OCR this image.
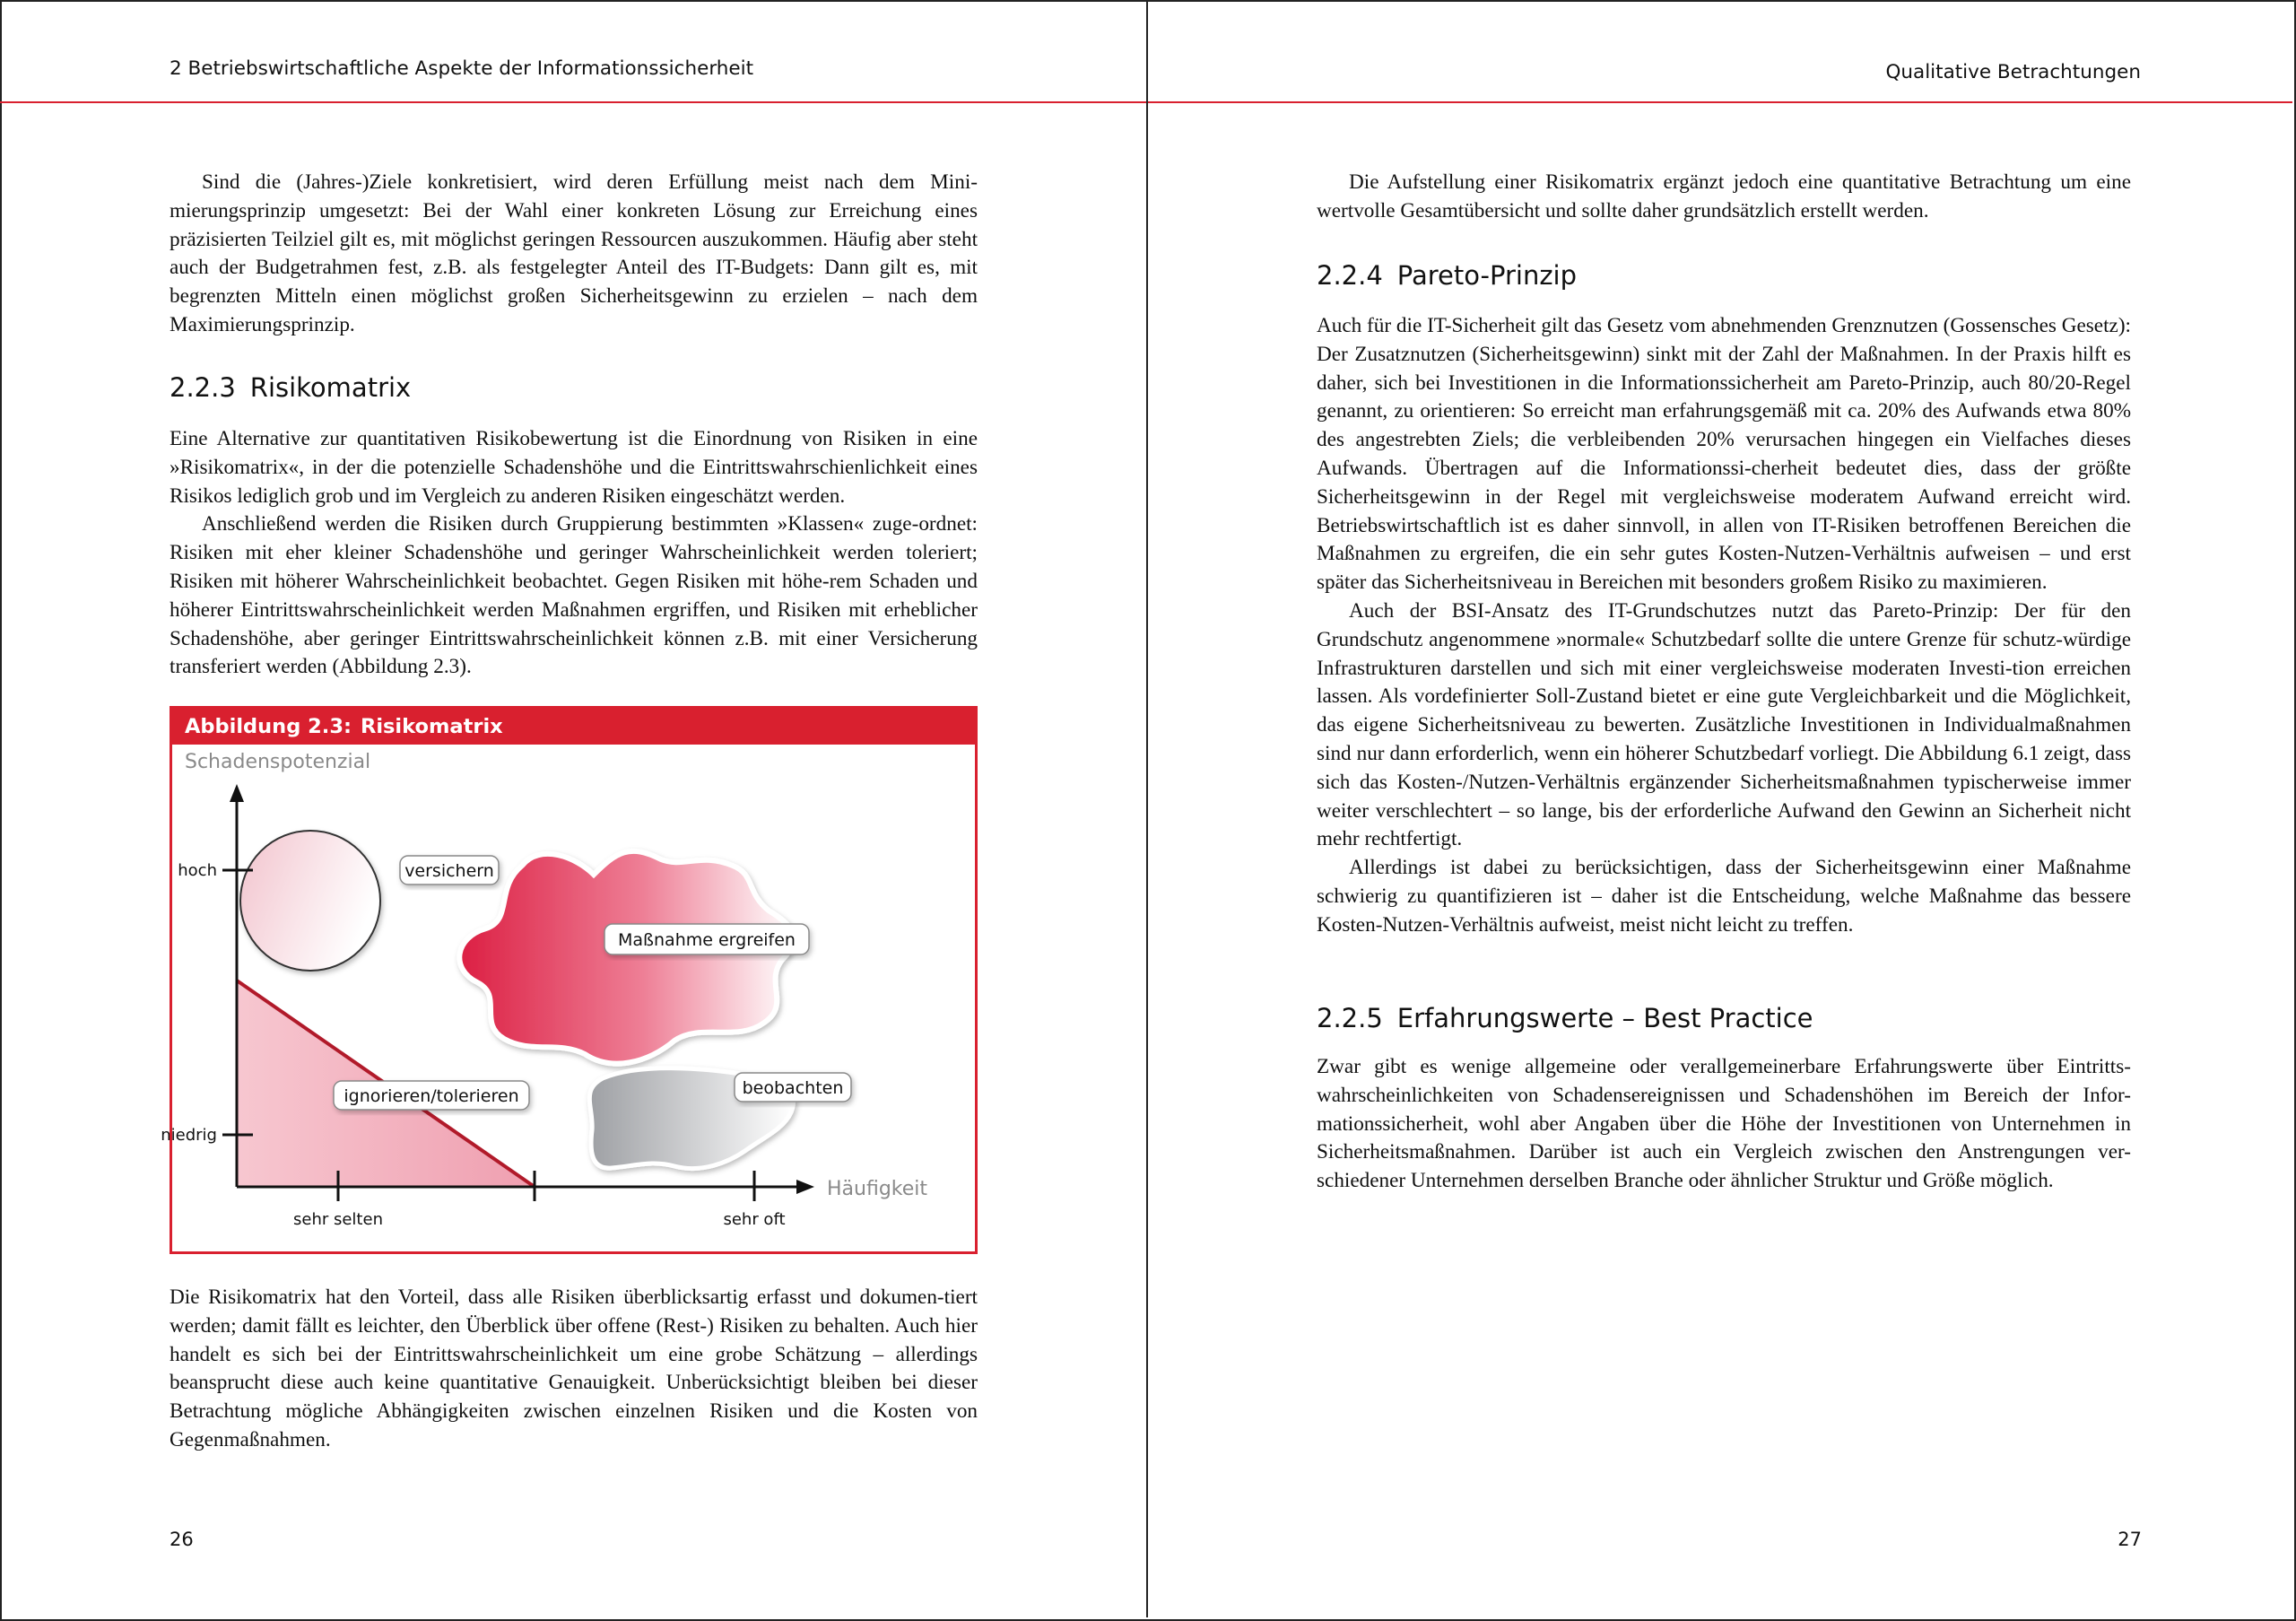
2 Betriebswirtschaftliche Aspekte der Informationssicherheit

Sind die (Jahres-)Ziele konkretisiert, wird deren Erfüllung meist nach dem Mini-mierungsprinzip umgesetzt: Bei der Wahl einer konkreten Lösung zur Erreichung eines präzisierten Teilziel gilt es, mit möglichst geringen Ressourcen auszukommen. Häufig aber steht auch der Budgetrahmen fest, z.B. als festgelegter Anteil des IT-Budgets: Dann gilt es, mit begrenzten Mitteln einen möglichst großen Sicherheitsgewinn zu erzielen – nach dem Maximierungsprinzip.

2.2.3 Risikomatrix

Eine Alternative zur quantitativen Risikobewertung ist die Einordnung von Risiken in eine »Risikomatrix«, in der die potenzielle Schadenshöhe und die Eintrittswahrschienlichkeit eines Risikos lediglich grob und im Vergleich zu anderen Risiken eingeschätzt werden.

Anschließend werden die Risiken durch Gruppierung bestimmten »Klassen« zuge-ordnet: Risiken mit eher kleiner Schadenshöhe und geringer Wahrscheinlichkeit werden toleriert; Risiken mit höherer Wahrscheinlichkeit beobachtet. Gegen Risiken mit höhe-rem Schaden und höherer Eintrittswahrscheinlichkeit werden Maßnahmen ergriffen, und Risiken mit erheblicher Schadenshöhe, aber geringer Eintrittswahrscheinlichkeit können z.B. mit einer Versicherung transferiert werden (Abbildung 2.3).

Abbildung 2.3: Risikomatrix
Schadenspotenzial
Häufigkeit
hoch
niedrig
sehr selten	sehr oft
versichern
Maßnahme ergreifen
ignorieren/tolerieren	beobachten

Die Risikomatrix hat den Vorteil, dass alle Risiken überblicksartig erfasst und dokumen-tiert werden; damit fällt es leichter, den Überblick über offene (Rest-) Risiken zu behalten. Auch hier handelt es sich bei der Eintrittswahrscheinlichkeit um eine grobe Schätzung – allerdings beansprucht diese auch keine quantitative Genauigkeit. Unberücksichtigt bleiben bei dieser Betrachtung mögliche Abhängigkeiten zwischen einzelnen Risiken und die Kosten von Gegenmaßnahmen.

26
Qualitative Betrachtungen

Die Aufstellung einer Risikomatrix ergänzt jedoch eine quantitative Betrachtung um eine wertvolle Gesamtübersicht und sollte daher grundsätzlich erstellt werden.

2.2.4 Pareto-Prinzip

Auch für die IT-Sicherheit gilt das Gesetz vom abnehmenden Grenznutzen (Gossensches Gesetz): Der Zusatznutzen (Sicherheitsgewinn) sinkt mit der Zahl der Maßnahmen. In der Praxis hilft es daher, sich bei Investitionen in die Informationssicherheit am Pareto-Prinzip, auch 80/20-Regel genannt, zu orientieren: So erreicht man erfahrungsgemäß mit ca. 20% des Aufwands etwa 80% des angestrebten Ziels; die verbleibenden 20% verursachen hingegen ein Vielfaches dieses Aufwands. Übertragen auf die Informationssi-cherheit bedeutet dies, dass der größte Sicherheitsgewinn in der Regel mit vergleichsweise moderatem Aufwand erreicht wird. Betriebswirtschaftlich ist es daher sinnvoll, in allen von IT-Risiken betroffenen Bereichen die Maßnahmen zu ergreifen, die ein sehr gutes Kosten-Nutzen-Verhältnis aufweisen – und erst später das Sicherheitsniveau in Bereichen mit besonders großem Risiko zu maximieren.

Auch der BSI-Ansatz des IT-Grundschutzes nutzt das Pareto-Prinzip: Der für den Grundschutz angenommene »normale« Schutzbedarf sollte die untere Grenze für schutz-würdige Infrastrukturen darstellen und sich mit einer vergleichsweise moderaten Investi-tion erreichen lassen. Als vordefinierter Soll-Zustand bietet er eine gute Vergleichbarkeit und die Möglichkeit, das eigene Sicherheitsniveau zu bewerten. Zusätzliche Investitionen in Individualmaßnahmen sind nur dann erforderlich, wenn ein höherer Schutzbedarf vorliegt. Die Abbildung 6.1 zeigt, dass sich das Kosten-/Nutzen-Verhältnis ergänzender Sicherheitsmaßnahmen typischerweise immer weiter verschlechtert – so lange, bis der erforderliche Aufwand den Gewinn an Sicherheit nicht mehr rechtfertigt.

Allerdings ist dabei zu berücksichtigen, dass der Sicherheitsgewinn einer Maßnahme schwierig zu quantifizieren ist – daher ist die Entscheidung, welche Maßnahme das bessere Kosten-Nutzen-Verhältnis aufweist, meist nicht leicht zu treffen.

2.2.5 Erfahrungswerte – Best Practice

Zwar gibt es wenige allgemeine oder verallgemeinerbare Erfahrungswerte über Eintritts-wahrscheinlichkeiten von Schadensereignissen und Schadenshöhen im Bereich der Infor-mationssicherheit, wohl aber Angaben über die Höhe der Investitionen von Unternehmen in Sicherheitsmaßnahmen. Darüber ist auch ein Vergleich zwischen den Anstrengungen ver-schiedener Unternehmen derselben Branche oder ähnlicher Struktur und Größe möglich.

27
